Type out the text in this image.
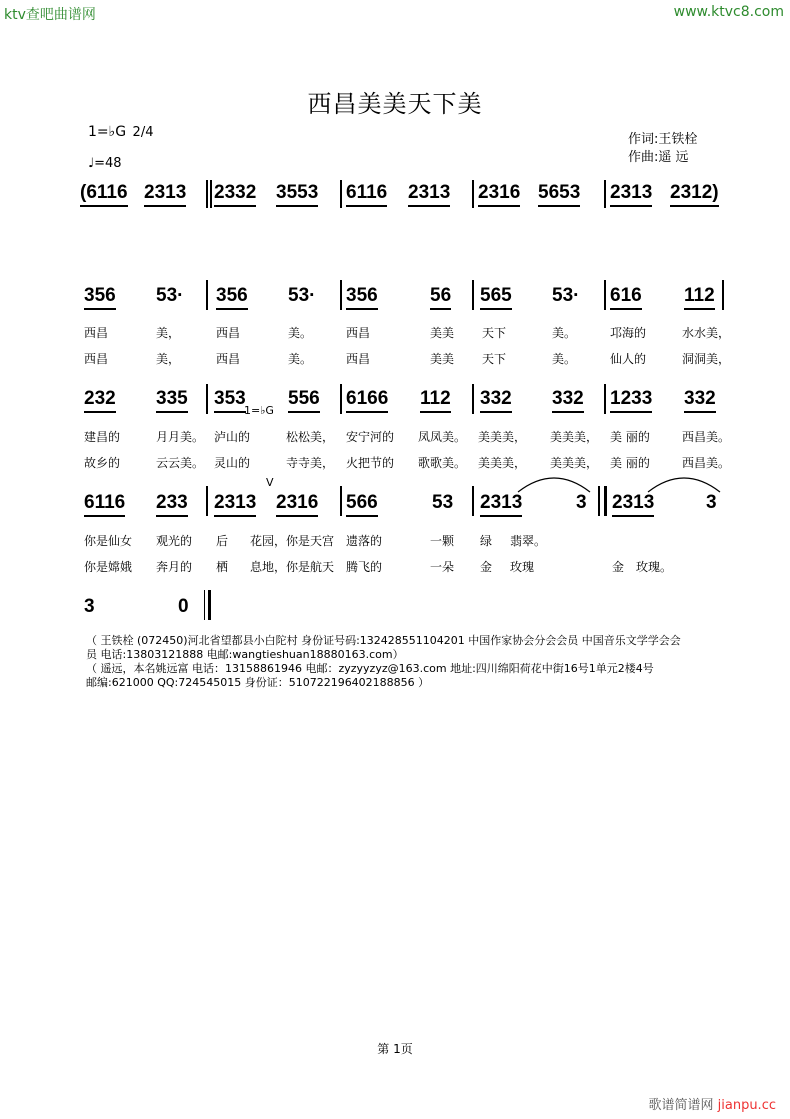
ktv查吧曲谱网	www.ktvc8.com
西昌美美天下美
1=♭G 2/4
♩=48
作词:王铁栓
作曲:遥 远
(6116 2313 2332 3553 6116 2313 2316 5653 2313 2312)
356 53· 356 53· 356	56 565 53· 616 112
西昌	美，	西昌	美。	西昌	美美 天下	美。	邛海的	水水美，
西昌	美，	西昌	美。	西昌	美美 天下	美。	仙人的	洞洞美，
232 335 353
1=♭G
556 6166 112 332 332 1233 332
建昌的	月月美。 泸山的	松松美， 安宁河的 凤凤美。 美美美， 美美美， 美 丽的	西昌美。
故乡的	云云美。 灵山的	寺寺美， 火把节的 歌歌美。 美美美， 美美美， 美 丽的	西昌美。
6116 233 2313
V
2316 566	53 2313	3 2313	3
你是仙女 观光的 后 花园，你是天宫 遗落的	一颗 绿 翡翠。
你是嫦娥 奔月的 栖 息地，你是航天 腾飞的	一朵 金 玫瑰	金 玫瑰。
3	0
（ 王铁栓 (072450)河北省望都县小白陀村 身份证号码:132428551104201 中国作家协会分会会员 中国音乐文学学会会
员 电话:13803121888 电邮:wangtieshuan18880163.com）
（ 遥远，本名姚远富 电话：13158861946 电邮：zyzyyzyz@163.com 地址:四川绵阳荷花中街16号1单元2楼4号
邮编:621000 QQ:724545015 身份证：510722196402188856 ）
第 1页
歌谱简谱网 jianpu.cc
